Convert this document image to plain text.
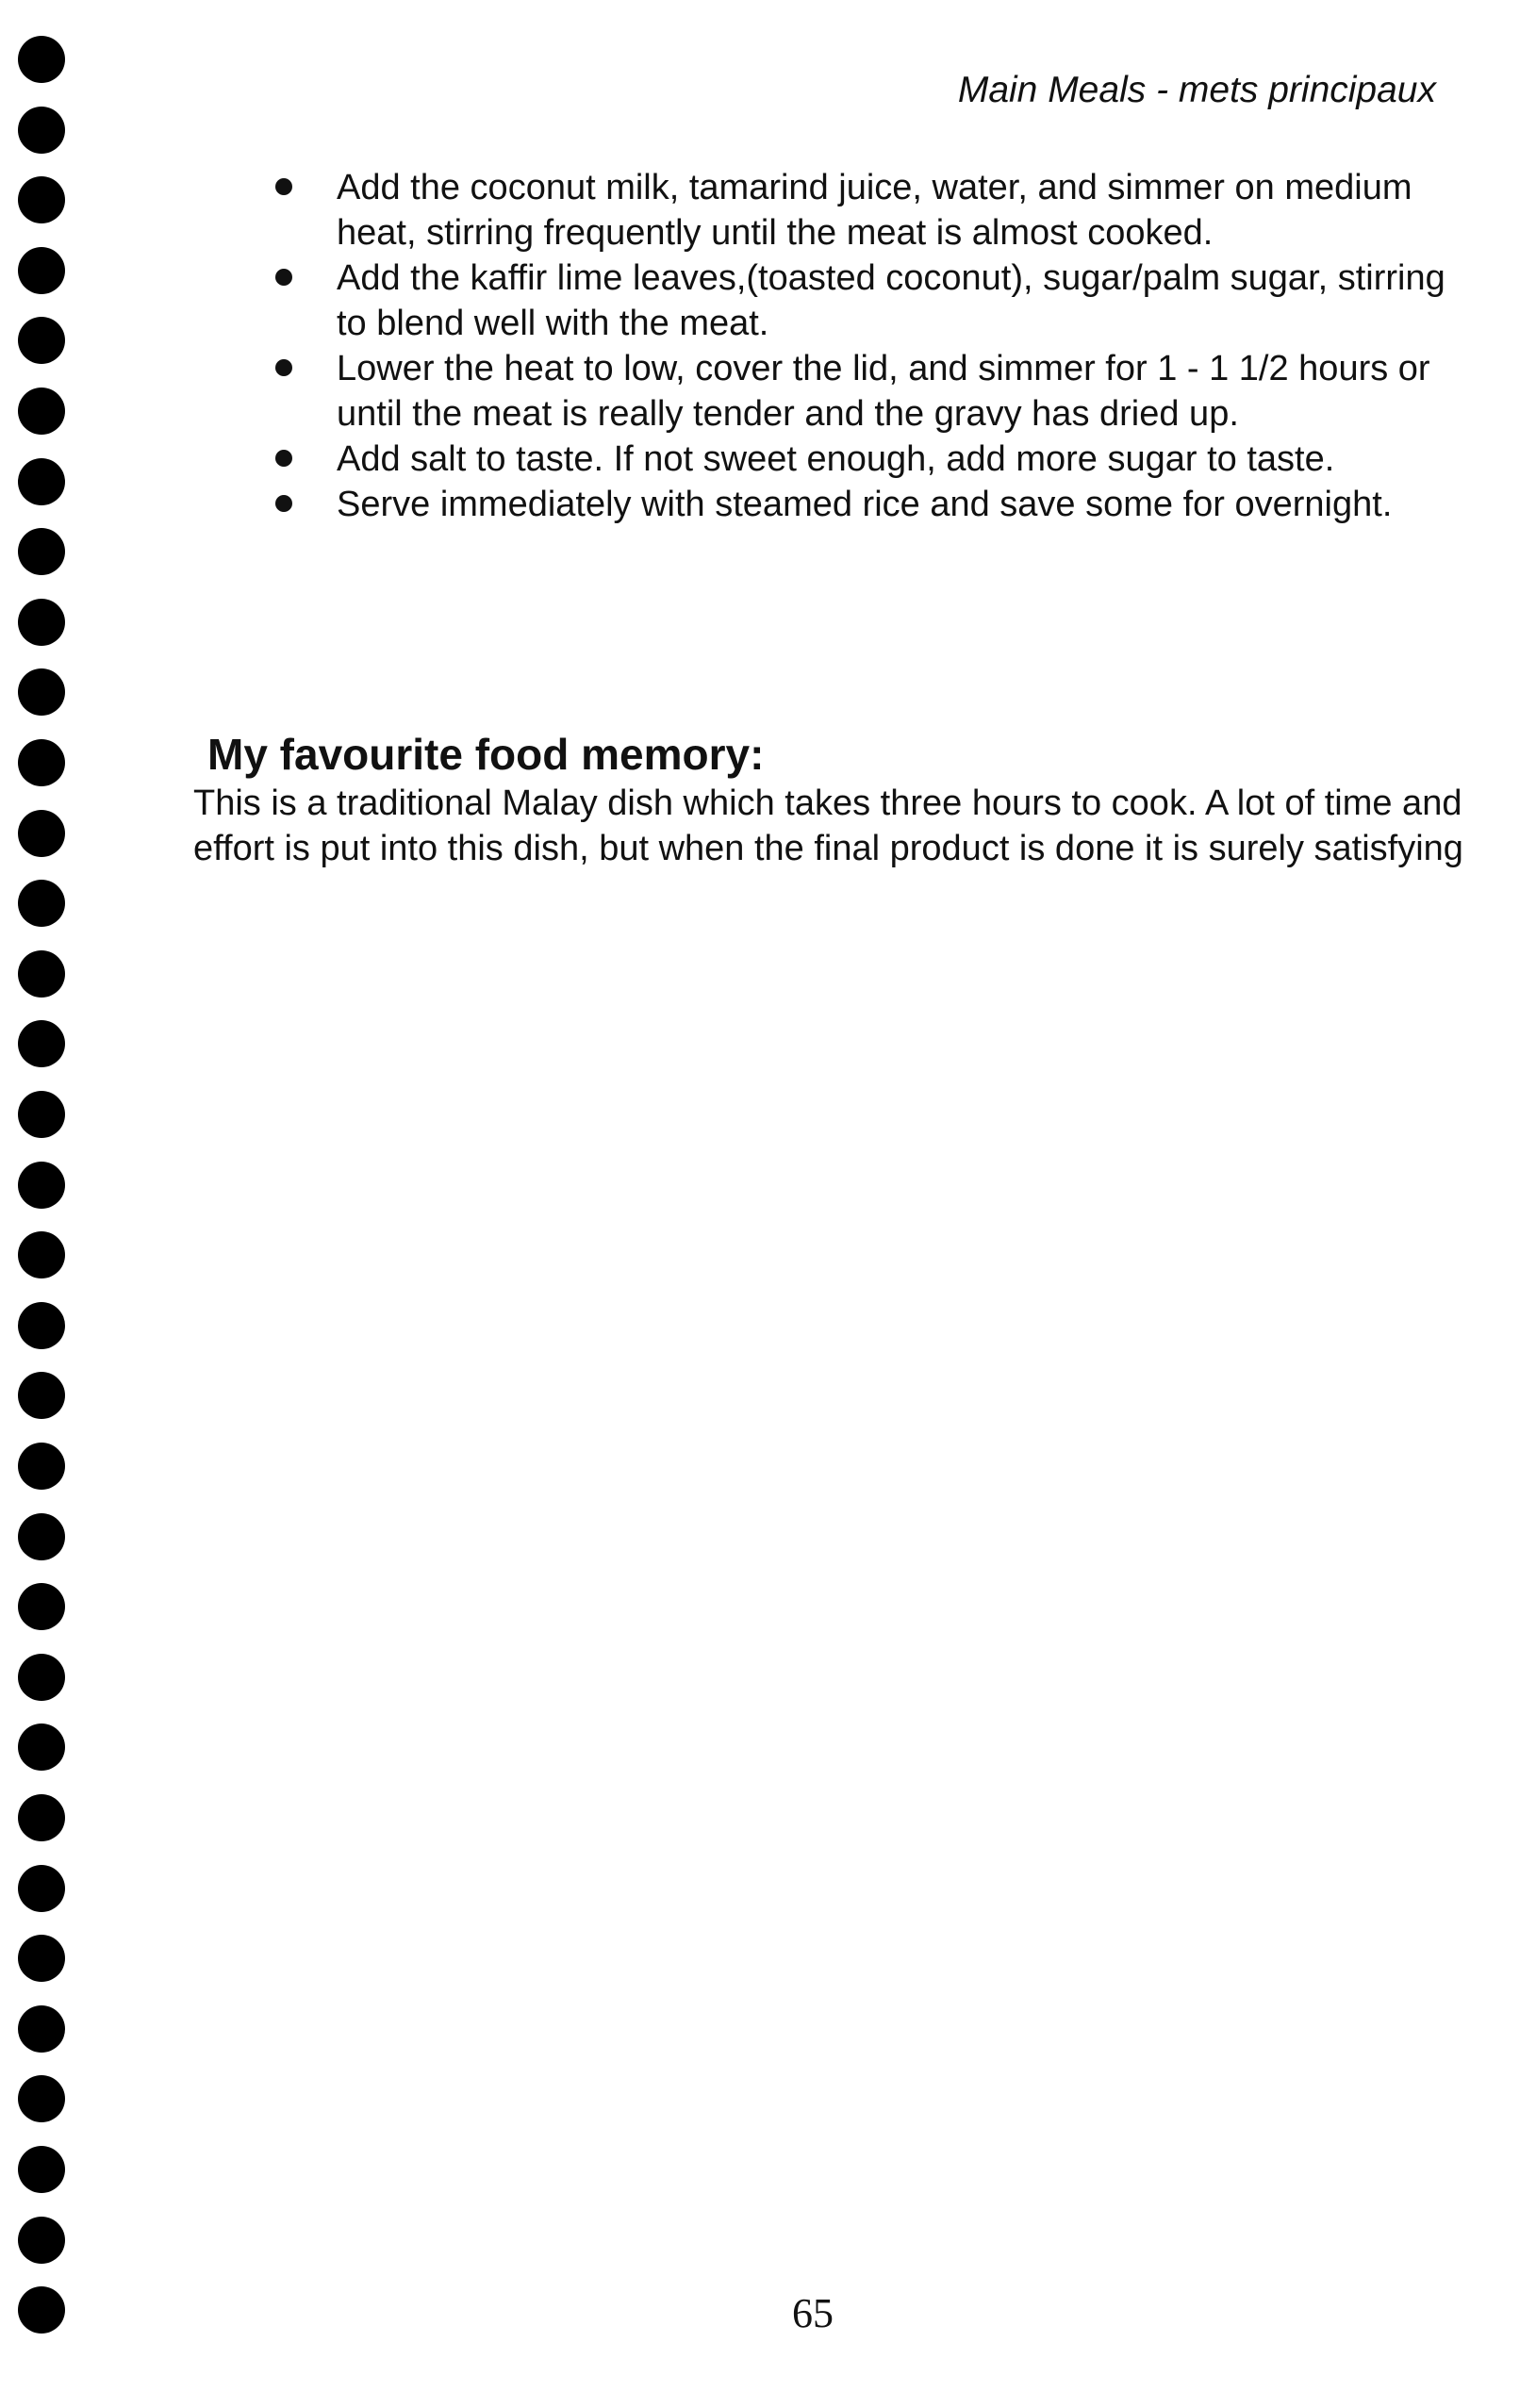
Main Meals - mets principaux
Add the coconut milk, tamarind juice, water, and simmer on medium heat, stirring frequently until the meat is almost cooked.
Add the kaffir lime leaves,(toasted coconut), sugar/palm sugar, stirring to blend well with the meat.
Lower the heat to low, cover the lid, and simmer for 1 - 1 1/2 hours or until the meat is really tender and the gravy has dried up.
Add salt to taste. If not sweet enough, add more sugar to taste.
Serve immediately with steamed rice and save some for overnight.
My favourite food memory:

This is a traditional Malay dish which takes three hours to cook. A lot of time and effort is put into this dish, but when the final product is done it is surely satisfying

65
